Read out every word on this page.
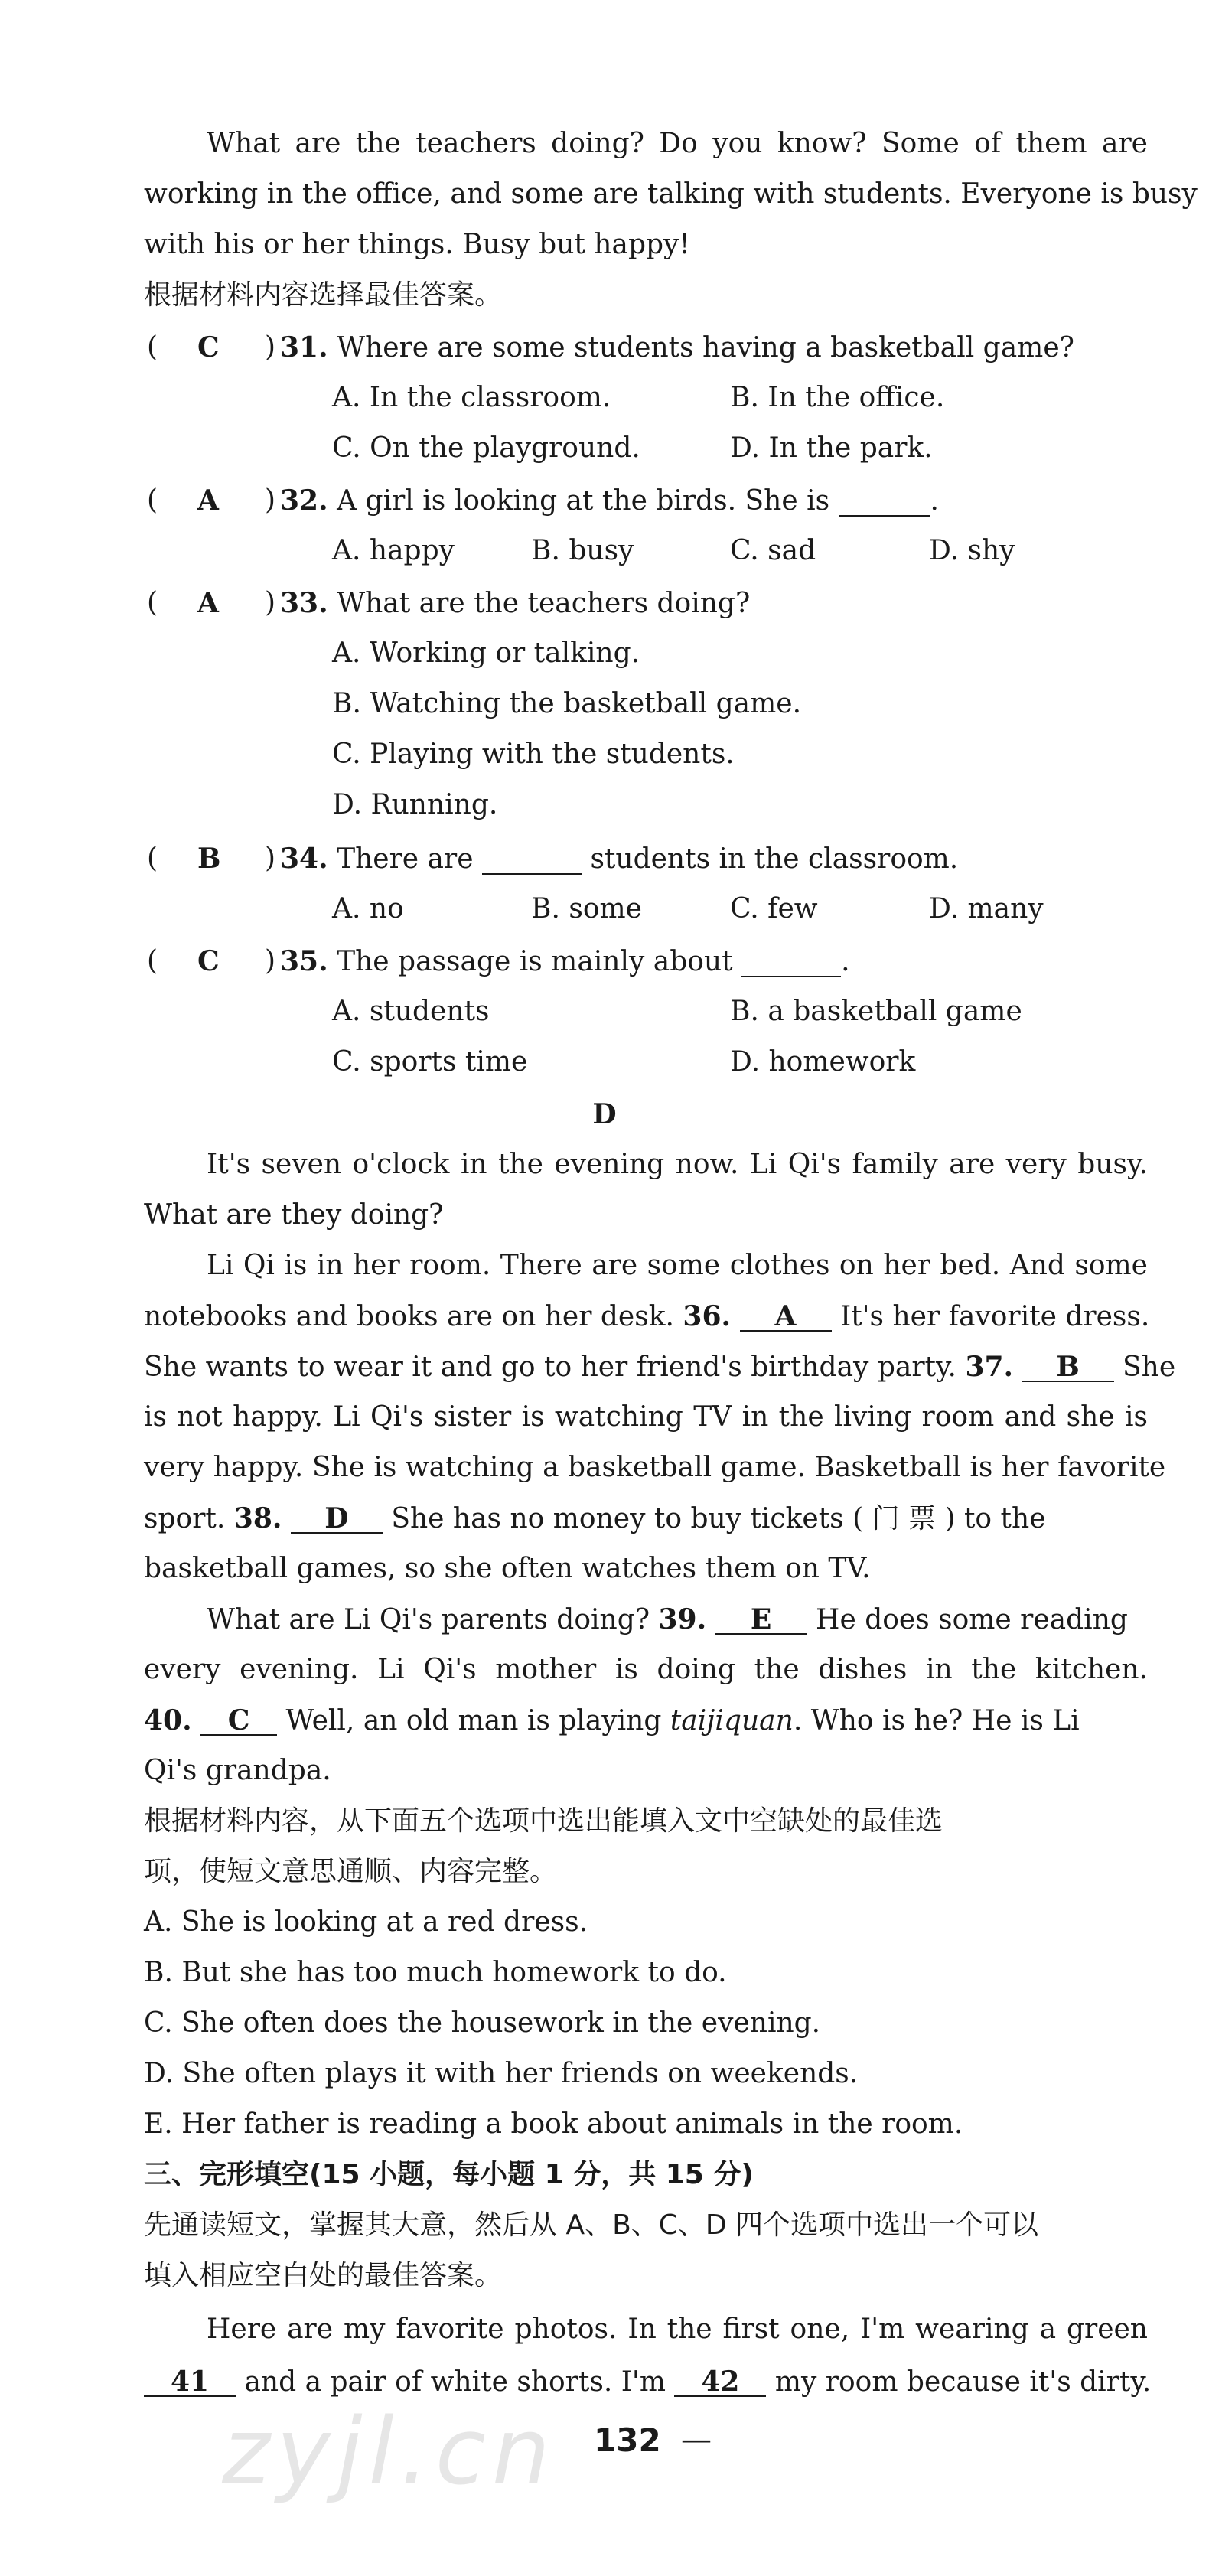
What are the teachers doing? Do you know? Some of them are
working in the office, and some are talking with students. Everyone is busy
with his or her things. Busy but happy!
根据材料内容选择最佳答案。
( C ) 31. Where are some students having a basketball game?
A. In the classroom.	B. In the office.
C. On the playground.	D. In the park.
( A ) 32. A girl is looking at the birds. She is	.
A. happy	B. busy	C. sad	D. shy
( A ) 33. What are the teachers doing?
A. Working or talking.
B. Watching the basketball game.
C. Playing with the students.
D. Running.
( B ) 34. There are	students in the classroom.
A. no	B. some	C. few	D. many
( C ) 35. The passage is mainly about	.
A. students	B. a basketball game
C. sports time	D. homework
D
It's seven o'clock in the evening now. Li Qi's family are very busy.
What are they doing?
Li Qi is in her room. There are some clothes on her bed. And some
notebooks and books are on her desk. 36. A It's her favorite dress.
She wants to wear it and go to her friend's birthday party. 37. B She
is not happy. Li Qi's sister is watching TV in the living room and she is
very happy. She is watching a basketball game. Basketball is her favorite
sport. 38. D She has no money to buy tickets ( 门 票 ) to the
basketball games, so she often watches them on TV.
What are Li Qi's parents doing? 39. E He does some reading
every evening. Li Qi's mother is doing the dishes in the kitchen.
40. C Well, an old man is playing taijiquan. Who is he? He is Li
Qi's grandpa.
根据材料内容，从下面五个选项中选出能填入文中空缺处的最佳选
项，使短文意思通顺、内容完整。
A. She is looking at a red dress.
B. But she has too much homework to do.
C. She often does the housework in the evening.
D. She often plays it with her friends on weekends.
E. Her father is reading a book about animals in the room.
三、完形填空(15 小题，每小题 1 分，共 15 分)
先通读短文，掌握其大意，然后从 A、B、C、D 四个选项中选出一个可以
填入相应空白处的最佳答案。
Here are my favorite photos. In the first one, I'm wearing a green
41 and a pair of white shorts. I'm 42 my room because it's dirty.
zyjl.cn 132 —
